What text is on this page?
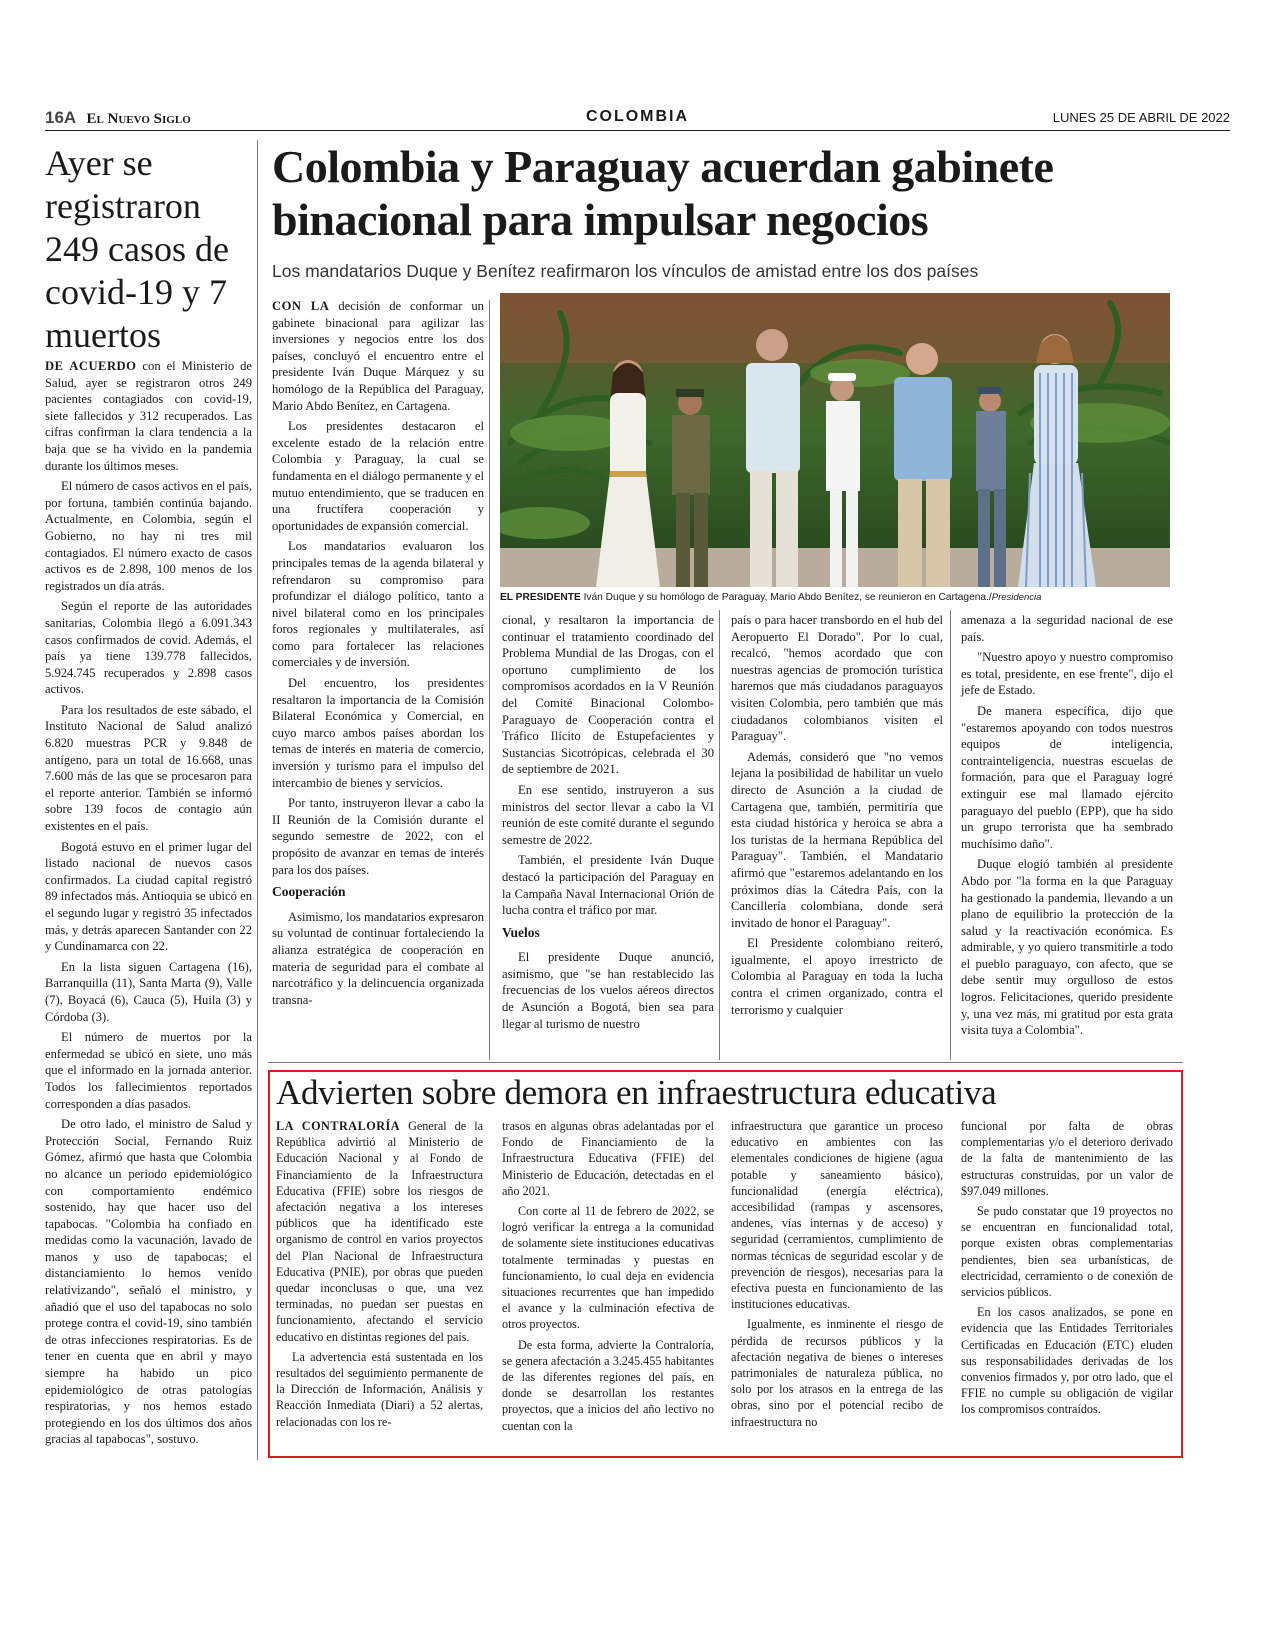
16A El Nuevo Siglo	COLOMBIA	LUNES 25 DE ABRIL DE 2022
Ayer se registraron 249 casos de covid-19 y 7 muertos

DE ACUERDO con el Ministerio de Salud, ayer se registraron otros 249 pacientes contagiados con covid-19, siete fallecidos y 312 recuperados. Las cifras confirman la clara tendencia a la baja que se ha vivido en la pandemia durante los últimos meses.

El número de casos activos en el país, por fortuna, también continúa bajando. Actualmente, en Colombia, según el Gobierno, no hay ni tres mil contagiados. El número exacto de casos activos es de 2.898, 100 menos de los registrados un día atrás.

Según el reporte de las autoridades sanitarias, Colombia llegó a 6.091.343 casos confirmados de covid. Además, el país ya tiene 139.778 fallecidos, 5.924.745 recuperados y 2.898 casos activos.

Para los resultados de este sábado, el Instituto Nacional de Salud analizó 6.820 muestras PCR y 9.848 de antígeno, para un total de 16.668, unas 7.600 más de las que se procesaron para el reporte anterior. También se informó sobre 139 focos de contagio aún existentes en el país.

Bogotá estuvo en el primer lugar del listado nacional de nuevos casos confirmados. La ciudad capital registró 89 infectados más. Antioquia se ubicó en el segundo lugar y registró 35 infectados más, y detrás aparecen Santander con 22 y Cundinamarca con 22.

En la lista siguen Cartagena (16), Barranquilla (11), Santa Marta (9), Valle (7), Boyacá (6), Cauca (5), Huila (3) y Córdoba (3).

El número de muertos por la enfermedad se ubicó en siete, uno más que el informado en la jornada anterior. Todos los fallecimientos reportados corresponden a días pasados.

De otro lado, el ministro de Salud y Protección Social, Fernando Ruiz Gómez, afirmó que hasta que Colombia no alcance un periodo epidemiológico con comportamiento endémico sostenido, hay que hacer uso del tapabocas. "Colombia ha confiado en medidas como la vacunación, lavado de manos y uso de tapabocas; el distanciamiento lo hemos venido relativizando", señaló el ministro, y añadió que el uso del tapabocas no solo protege contra el covid-19, sino también de otras infecciones respiratorias. Es de tener en cuenta que en abril y mayo siempre ha habido un pico epidemiológico de otras patologías respiratorias, y nos hemos estado protegiendo en los dos últimos dos años gracias al tapabocas", sostuvo.

Colombia y Paraguay acuerdan gabinete binacional para impulsar negocios
Los mandatarios Duque y Benítez reafirmaron los vínculos de amistad entre los dos países
EL PRESIDENTE Iván Duque y su homólogo de Paraguay, Mario Abdo Benítez, se reunieron en Cartagena./Presidencia

CON LA decisión de conformar un gabinete binacional para agilizar las inversiones y negocios entre los dos países, concluyó el encuentro entre el presidente Iván Duque Márquez y su homólogo de la República del Paraguay, Mario Abdo Benítez, en Cartagena.

Los presidentes destacaron el excelente estado de la relación entre Colombia y Paraguay, la cual se fundamenta en el diálogo permanente y el mutuo entendimiento, que se traducen en una fructífera cooperación y oportunidades de expansión comercial.

Los mandatarios evaluaron los principales temas de la agenda bilateral y refrendaron su compromiso para profundizar el diálogo político, tanto a nivel bilateral como en los principales foros regionales y multilaterales, así como para fortalecer las relaciones comerciales y de inversión.

Del encuentro, los presidentes resaltaron la importancia de la Comisión Bilateral Económica y Comercial, en cuyo marco ambos países abordan los temas de interés en materia de comercio, inversión y turismo para el impulso del intercambio de bienes y servicios.

Por tanto, instruyeron llevar a cabo la II Reunión de la Comisión durante el segundo semestre de 2022, con el propósito de avanzar en temas de interés para los dos países.

Cooperación

Asimismo, los mandatarios expresaron su voluntad de continuar fortaleciendo la alianza estratégica de cooperación en materia de seguridad para el combate al narcotráfico y la delincuencia organizada transna-

cional, y resaltaron la importancia de continuar el tratamiento coordinado del Problema Mundial de las Drogas, con el oportuno cumplimiento de los compromisos acordados en la V Reunión del Comité Binacional Colombo-Paraguayo de Cooperación contra el Tráfico Ilícito de Estupefacientes y Sustancias Sicotrópicas, celebrada el 30 de septiembre de 2021.

En ese sentido, instruyeron a sus ministros del sector llevar a cabo la VI reunión de este comité durante el segundo semestre de 2022.

También, el presidente Iván Duque destacó la participación del Paraguay en la Campaña Naval Internacional Orión de lucha contra el tráfico por mar.

Vuelos

El presidente Duque anunció, asimismo, que "se han restablecido las frecuencias de los vuelos aéreos directos de Asunción a Bogotá, bien sea para llegar al turismo de nuestro

país o para hacer transbordo en el hub del Aeropuerto El Dorado". Por lo cual, recalcó, "hemos acordado que con nuestras agencias de promoción turística haremos que más ciudadanos paraguayos visiten Colombia, pero también que más ciudadanos colombianos visiten el Paraguay".

Además, consideró que "no vemos lejana la posibilidad de habilitar un vuelo directo de Asunción a la ciudad de Cartagena que, también, permitiría que esta ciudad histórica y heroica se abra a los turistas de la hermana República del Paraguay". También, el Mandatario afirmó que "estaremos adelantando en los próximos días la Cátedra País, con la Cancillería colombiana, donde será invitado de honor el Paraguay".

El Presidente colombiano reiteró, igualmente, el apoyo irrestricto de Colombia al Paraguay en toda la lucha contra el crimen organizado, contra el terrorismo y cualquier

amenaza a la seguridad nacional de ese país.

"Nuestro apoyo y nuestro compromiso es total, presidente, en ese frente", dijo el jefe de Estado.

De manera específica, dijo que "estaremos apoyando con todos nuestros equipos de inteligencia, contrainteligencia, nuestras escuelas de formación, para que el Paraguay logré extinguir ese mal llamado ejército paraguayo del pueblo (EPP), que ha sido un grupo terrorista que ha sembrado muchísimo daño".

Duque elogió también al presidente Abdo por "la forma en la que Paraguay ha gestionado la pandemia, llevando a un plano de equilibrio la protección de la salud y la reactivación económica. Es admirable, y yo quiero transmitirle a todo el pueblo paraguayo, con afecto, que se debe sentir muy orgulloso de estos logros. Felicitaciones, querido presidente y, una vez más, mi gratitud por esta grata visita tuya a Colombia".

Advierten sobre demora en infraestructura educativa

LA CONTRALORÍA General de la República advirtió al Ministerio de Educación Nacional y al Fondo de Financiamiento de la Infraestructura Educativa (FFIE) sobre los riesgos de afectación negativa a los intereses públicos que ha identificado este organismo de control en varios proyectos del Plan Nacional de Infraestructura Educativa (PNIE), por obras que pueden quedar inconclusas o que, una vez terminadas, no puedan ser puestas en funcionamiento, afectando el servicio educativo en distintas regiones del país.

La advertencia está sustentada en los resultados del seguimiento permanente de la Dirección de Información, Análisis y Reacción Inmediata (Diari) a 52 alertas, relacionadas con los re-

trasos en algunas obras adelantadas por el Fondo de Financiamiento de la Infraestructura Educativa (FFIE) del Ministerio de Educación, detectadas en el año 2021.

Con corte al 11 de febrero de 2022, se logró verificar la entrega a la comunidad de solamente siete instituciones educativas totalmente terminadas y puestas en funcionamiento, lo cual deja en evidencia situaciones recurrentes que han impedido el avance y la culminación efectiva de otros proyectos.

De esta forma, advierte la Contraloría, se genera afectación a 3.245.455 habitantes de las diferentes regiones del país, en donde se desarrollan los restantes proyectos, que a inicios del año lectivo no cuentan con la

infraestructura que garantice un proceso educativo en ambientes con las elementales condiciones de higiene (agua potable y saneamiento básico), funcionalidad (energía eléctrica), accesibilidad (rampas y ascensores, andenes, vías internas y de acceso) y seguridad (cerramientos, cumplimiento de normas técnicas de seguridad escolar y de prevención de riesgos), necesarias para la efectiva puesta en funcionamiento de las instituciones educativas.

Igualmente, es inminente el riesgo de pérdida de recursos públicos y la afectación negativa de bienes o intereses patrimoniales de naturaleza pública, no solo por los atrasos en la entrega de las obras, sino por el potencial recibo de infraestructura no

funcional por falta de obras complementarias y/o el deterioro derivado de la falta de mantenimiento de las estructuras construidas, por un valor de $97.049 millones.

Se pudo constatar que 19 proyectos no se encuentran en funcionalidad total, porque existen obras complementarias pendientes, bien sea urbanísticas, de electricidad, cerramiento o de conexión de servicios públicos.

En los casos analizados, se pone en evidencia que las Entidades Territoriales Certificadas en Educación (ETC) eluden sus responsabilidades derivadas de los convenios firmados y, por otro lado, que el FFIE no cumple su obligación de vigilar los compromisos contraídos.
